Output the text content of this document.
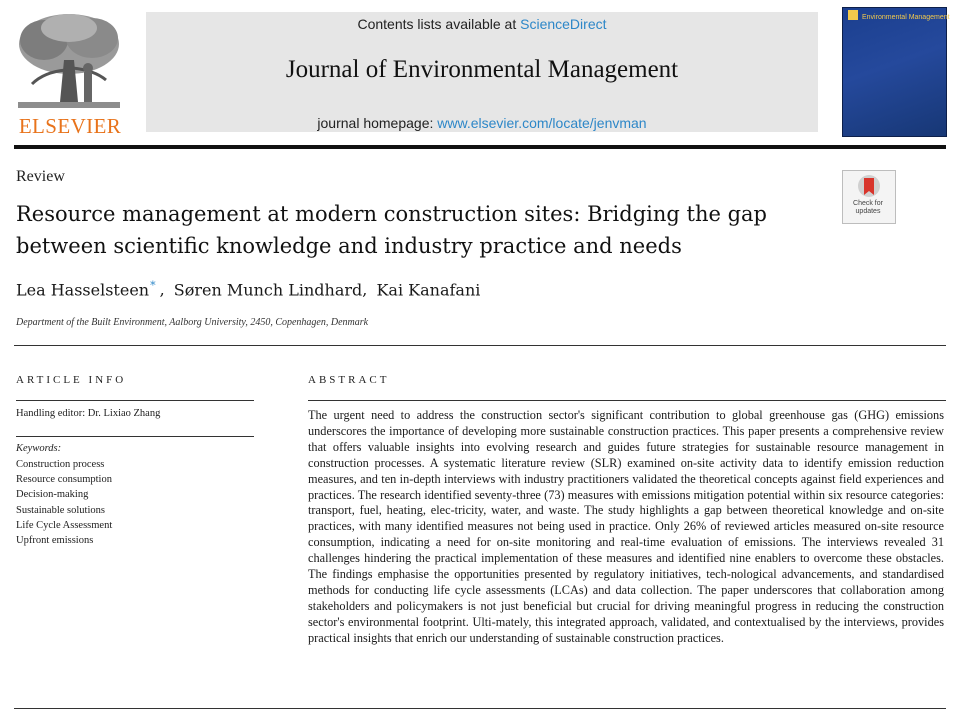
ELSEVIER
Contents lists available at ScienceDirect
Journal of Environmental Management
journal homepage: www.elsevier.com/locate/jenvman
Environmental Management
Review
Resource management at modern construction sites: Bridging the gap between scientific knowledge and industry practice and needs
Check for updates
Lea Hasselsteen* , Søren Munch Lindhard, Kai Kanafani
Department of the Built Environment, Aalborg University, 2450, Copenhagen, Denmark
ARTICLE INFO	ABSTRACT
Handling editor: Dr. Lixiao Zhang
Keywords:
Construction process
Resource consumption
Decision-making
Sustainable solutions
Life Cycle Assessment
Upfront emissions

The urgent need to address the construction sector's significant contribution to global greenhouse gas (GHG) emissions underscores the importance of developing more sustainable construction practices. This paper presents a comprehensive review that offers valuable insights into evolving research and guides future strategies for sustainable resource management in construction processes. A systematic literature review (SLR) examined on-site activity data to identify emission reduction measures, and ten in-depth interviews with industry practitioners validated the theoretical concepts against field experiences and practices. The research identified seventy-three (73) measures with emissions mitigation potential within six resource categories: transport, fuel, heating, elec-tricity, water, and waste. The study highlights a gap between theoretical knowledge and on-site practices, with many identified measures not being used in practice. Only 26% of reviewed articles measured on-site resource consumption, indicating a need for on-site monitoring and real-time evaluation of emissions. The interviews revealed 31 challenges hindering the practical implementation of these measures and identified nine enablers to overcome these obstacles. The findings emphasise the opportunities presented by regulatory initiatives, tech-nological advancements, and standardised methods for conducting life cycle assessments (LCAs) and data collection. The paper underscores that collaboration among stakeholders and policymakers is not just beneficial but crucial for driving meaningful progress in reducing the construction sector's environmental footprint. Ulti-mately, this integrated approach, validated, and contextualised by the interviews, provides practical insights that enrich our understanding of sustainable construction practices.
